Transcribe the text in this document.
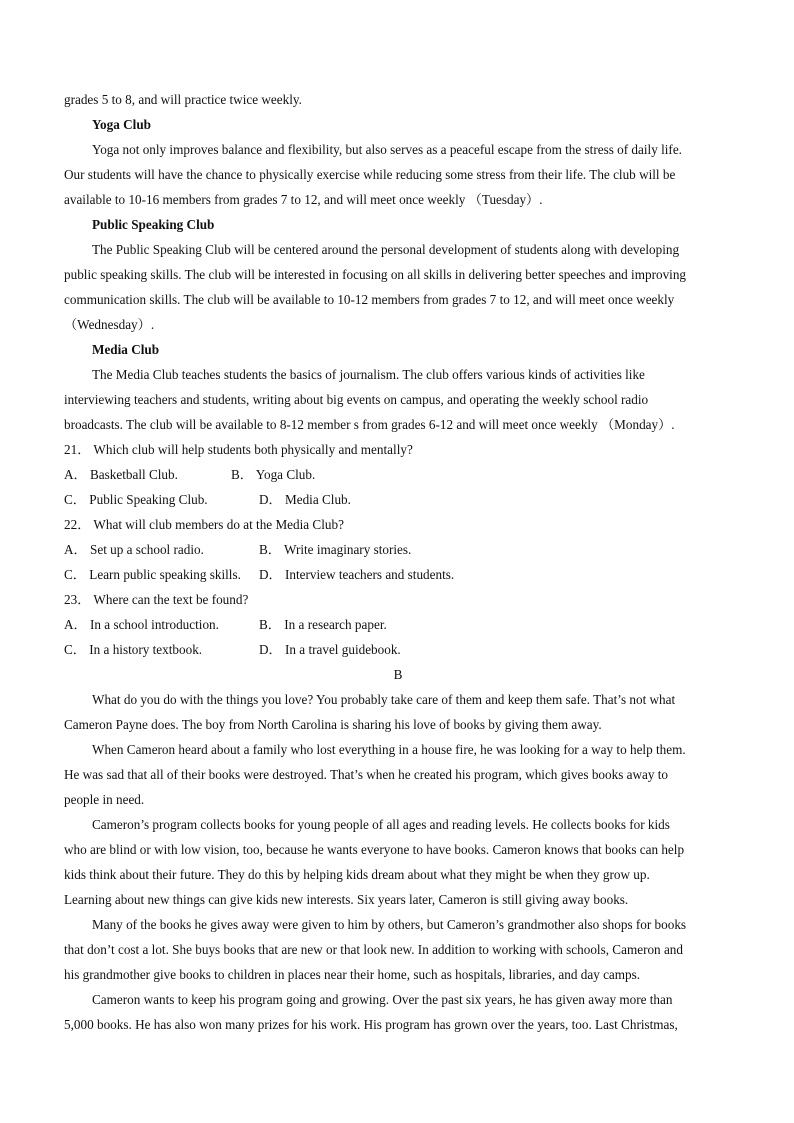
grades 5 to 8, and will practice twice weekly.
Yoga Club
Yoga not only improves balance and flexibility, but also serves as a peaceful escape from the stress of daily life.
Our students will have the chance to physically exercise while reducing some stress from their life. The club will be
available to 10-16 members from grades 7 to 12, and will meet once weekly （Tuesday）.
Public Speaking Club
The Public Speaking Club will be centered around the personal development of students along with developing
public speaking skills. The club will be interested in focusing on all skills in delivering better speeches and improving
communication skills. The club will be available to 10-12 members from grades 7 to 12, and will meet once weekly
（Wednesday）.
Media Club
The Media Club teaches students the basics of journalism. The club offers various kinds of activities like
interviewing teachers and students, writing about big events on campus, and operating the weekly school radio
broadcasts. The club will be available to 8-12 member s from grades 6-12 and will meet once weekly （Monday）.
21． Which club will help students both physically and mentally?
A． Basketball Club.	B． Yoga Club.
C． Public Speaking Club.	D． Media Club.
22． What will club members do at the Media Club?
A． Set up a school radio.	B． Write imaginary stories.
C． Learn public speaking skills.	D． Interview teachers and students.
23． Where can the text be found?
A． In a school introduction.	B． In a research paper.
C． In a history textbook.	D． In a travel guidebook.
B
What do you do with the things you love? You probably take care of them and keep them safe. That’s not what
Cameron Payne does. The boy from North Carolina is sharing his love of books by giving them away.
When Cameron heard about a family who lost everything in a house fire, he was looking for a way to help them.
He was sad that all of their books were destroyed. That’s when he created his program, which gives books away to
people in need.
Cameron’s program collects books for young people of all ages and reading levels. He collects books for kids
who are blind or with low vision, too, because he wants everyone to have books. Cameron knows that books can help
kids think about their future. They do this by helping kids dream about what they might be when they grow up.
Learning about new things can give kids new interests. Six years later, Cameron is still giving away books.
Many of the books he gives away were given to him by others, but Cameron’s grandmother also shops for books
that don’t cost a lot. She buys books that are new or that look new. In addition to working with schools, Cameron and
his grandmother give books to children in places near their home, such as hospitals, libraries, and day camps.
Cameron wants to keep his program going and growing. Over the past six years, he has given away more than
5,000 books. He has also won many prizes for his work. His program has grown over the years, too. Last Christmas,
